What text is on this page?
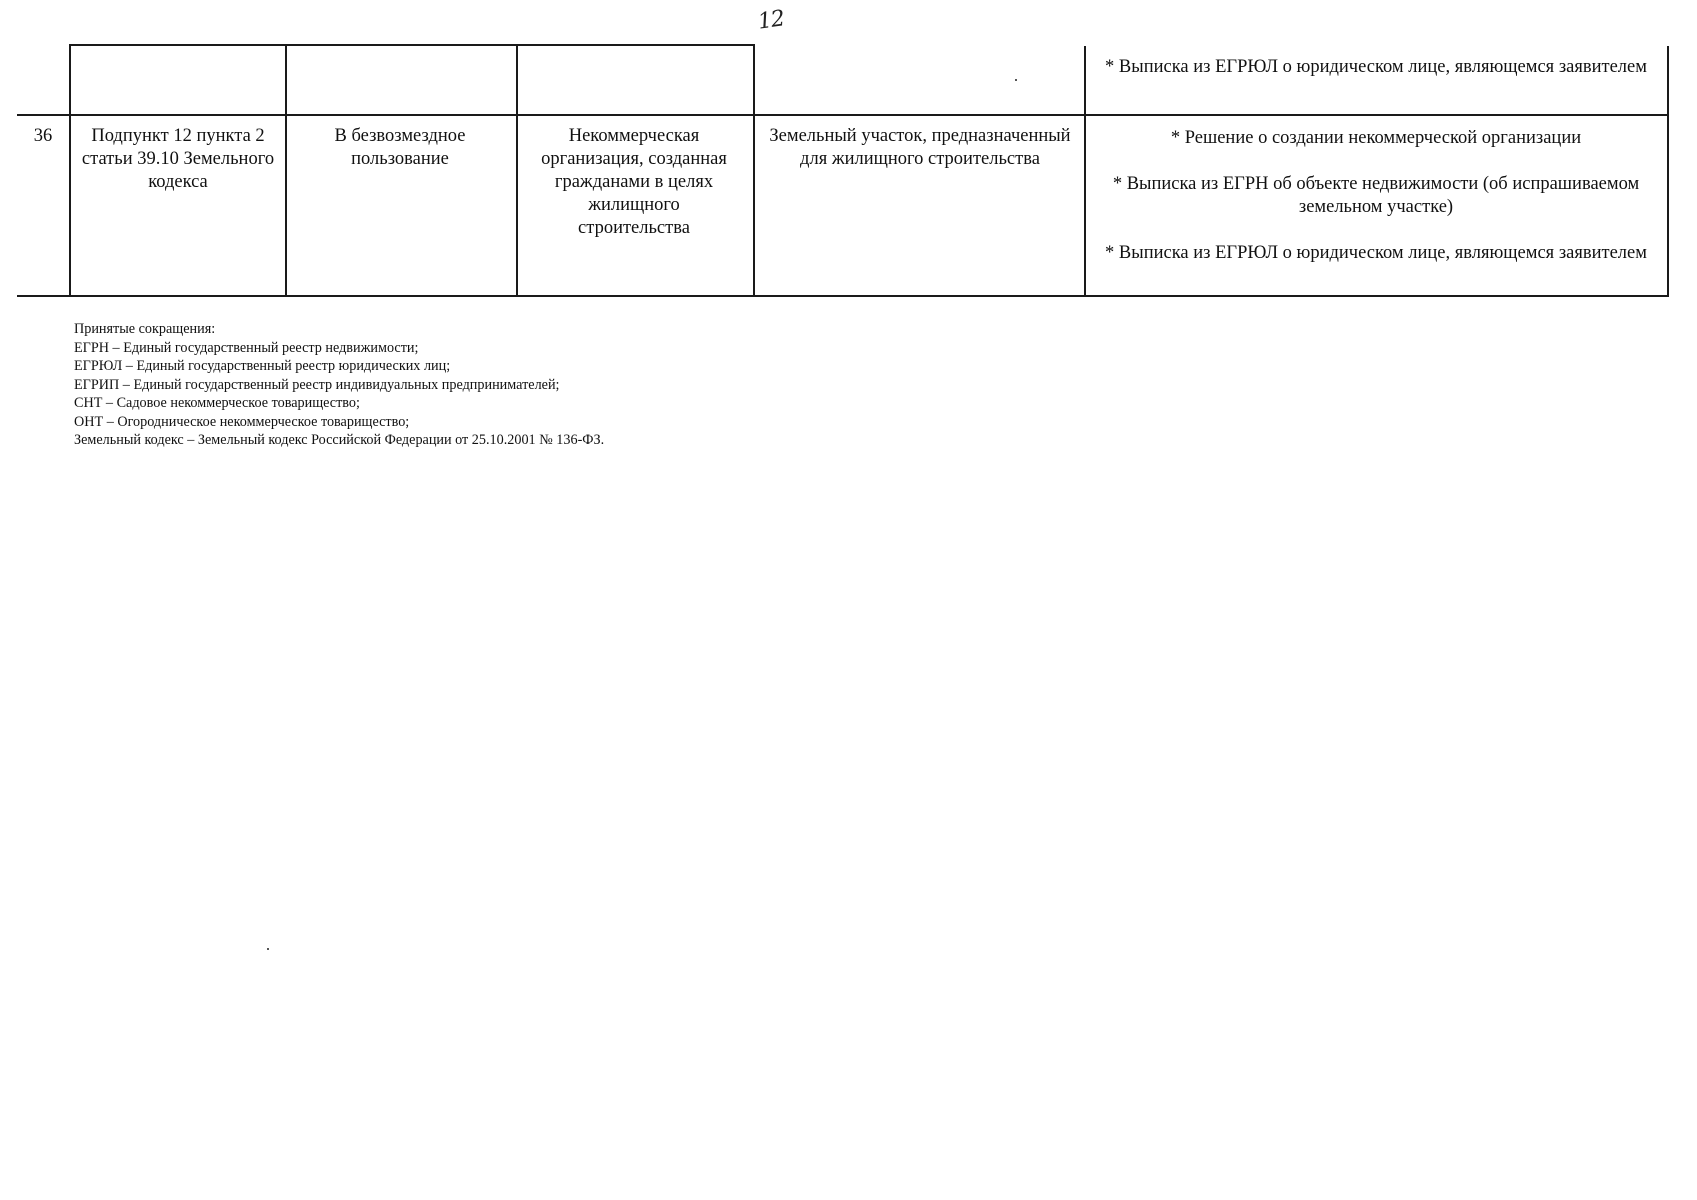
12
* Выписка из ЕГРЮЛ о юридическом лице, являющемся заявителем
36	Подпункт 12 пункта 2 статьи 39.10 Земельного кодекса
В безвозмездное пользование
Некоммерческая организация, созданная гражданами в целях жилищного строительства
Земельный участок, предназначенный для жилищного строительства
* Решение о создании некоммерческой организации
* Выписка из ЕГРН об объекте недвижимости (об испрашиваемом земельном участке)
* Выписка из ЕГРЮЛ о юридическом лице, являющемся заявителем
Принятые сокращения:
ЕГРН – Единый государственный реестр недвижимости;
ЕГРЮЛ – Единый государственный реестр юридических лиц;
ЕГРИП – Единый государственный реестр индивидуальных предпринимателей;
СНТ – Садовое некоммерческое товарищество;
ОНТ – Огородническое некоммерческое товарищество;
Земельный кодекс – Земельный кодекс Российской Федерации от 25.10.2001 № 136-ФЗ.
